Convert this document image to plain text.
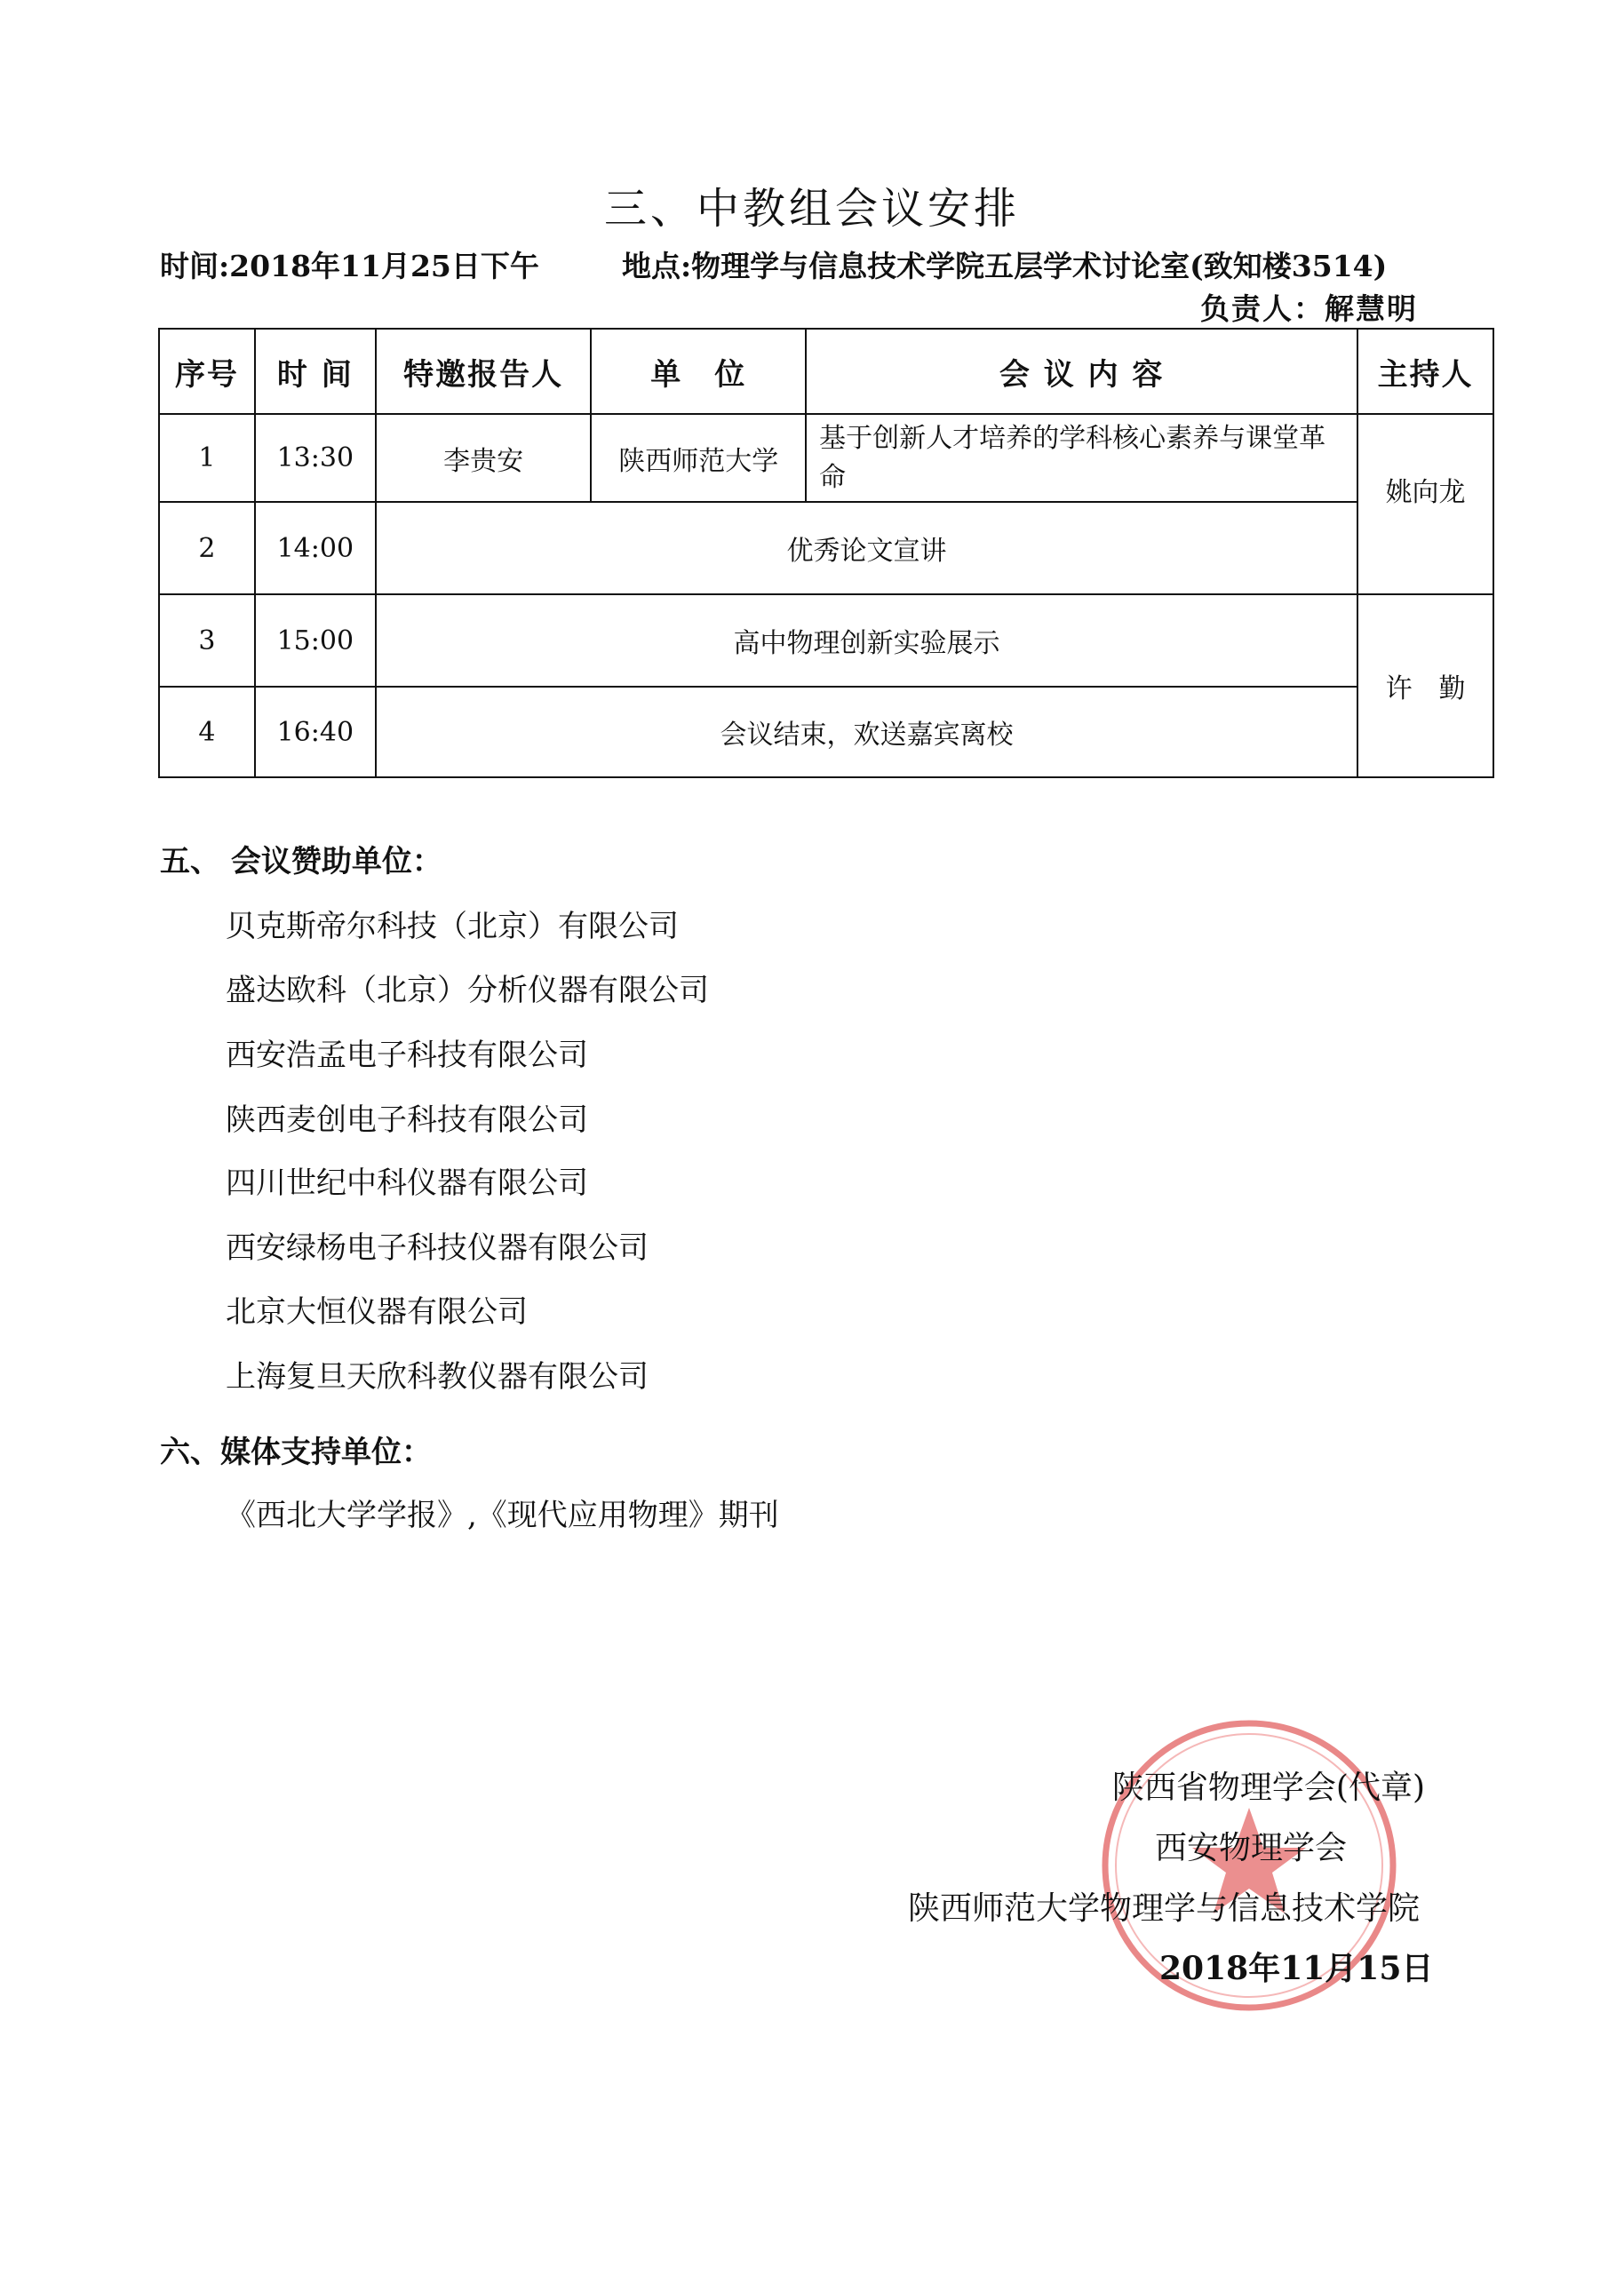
三、中教组会议安排
时间:2018年11月25日下午	地点:物理学与信息技术学院五层学术讨论室(致知楼3514)
负责人：解慧明
序号	时 间	特邀报告人	单　位	会 议 内 容	主持人
1	13:30	李贵安	陕西师范大学	基于创新人才培养的学科核心素养与课堂革命	姚向龙
2	14:00	优秀论文宣讲			
3	15:00	高中物理创新实验展示			许　勤
4	16:40	会议结束，欢送嘉宾离校			
五、 会议赞助单位：
贝克斯帝尔科技（北京）有限公司
盛达欧科（北京）分析仪器有限公司
西安浩孟电子科技有限公司
陕西麦创电子科技有限公司
四川世纪中科仪器有限公司
西安绿杨电子科技仪器有限公司
北京大恒仪器有限公司
上海复旦天欣科教仪器有限公司
六、媒体支持单位：
《西北大学学报》,《现代应用物理》期刊
陕西省物理学会(代章)
西安物理学会
陕西师范大学物理学与信息技术学院
2018年11月15日
